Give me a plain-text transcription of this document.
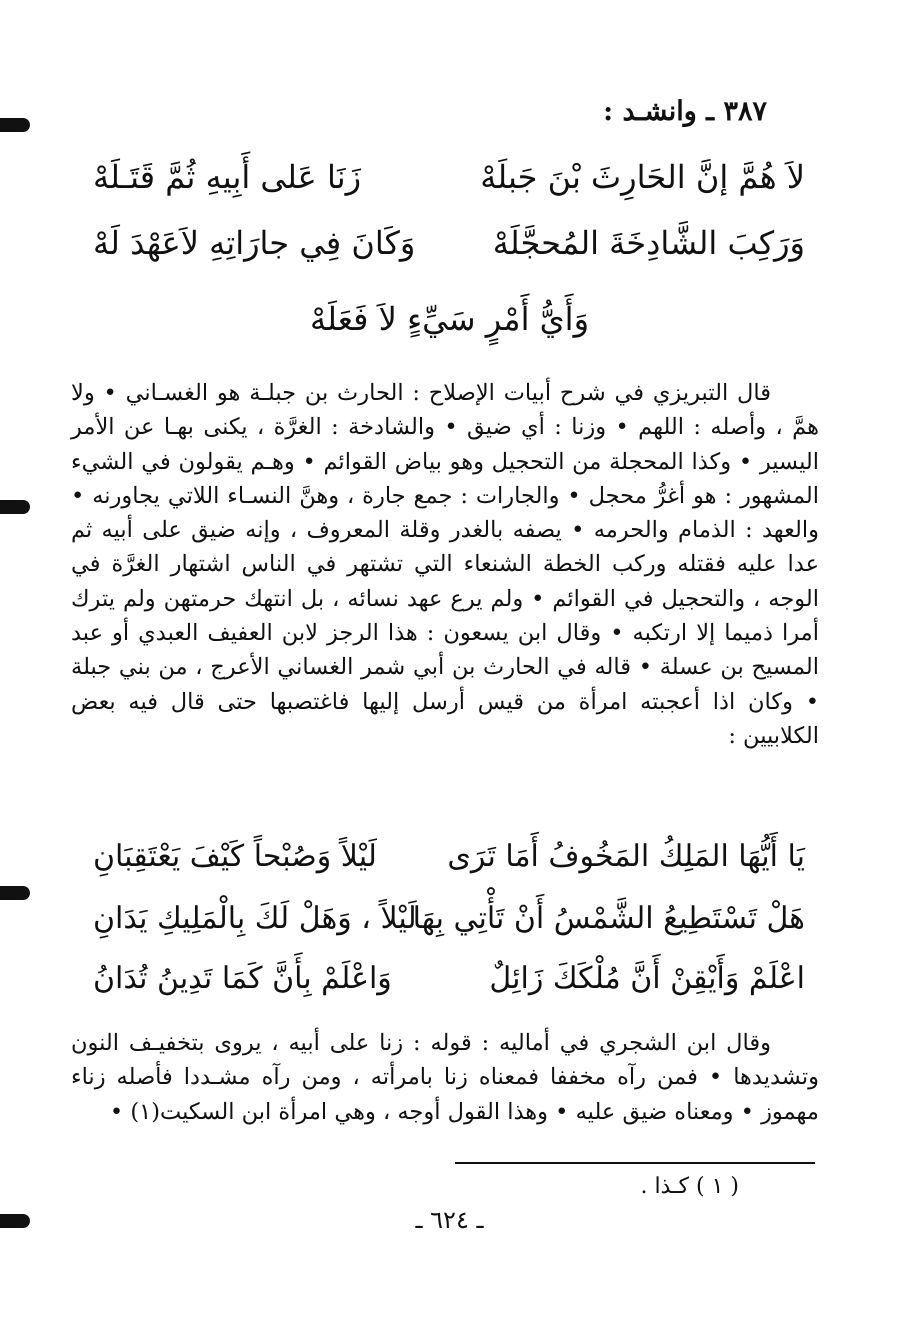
٣٨٧ ـ وانشـد :
لاَ هُمَّ إنَّ الحَارِثَ بْنَ جَبلَهْ
زَنَا عَلى أَبِيهِ ثُمَّ قَتَـلَهْ
وَرَكِبَ الشَّادِخَةَ المُحجَّلَهْ
وَكَانَ فِي جارَاتِهِ لاَعَهْدَ لَهْ
وَأَيُّ أَمْرٍ سَيِّءٍ لاَ فَعَلَهْ

قال التبريزي في شرح أبيات الإصلاح : الحارث بن جبلـة هو الغسـاني • ولا همَّ ، وأصله : اللهم • وزنا : أي ضيق • والشادخة : الغرَّة ، يكنى بهـا عن الأمر اليسير • وكذا المحجلة من التحجيل وهو بياض القوائم • وهـم يقولون في الشيء المشهور : هو أغرُّ محجل • والجارات : جمع جارة ، وهنَّ النسـاء اللاتي يجاورنه • والعهد : الذمام والحرمه • يصفه بالغدر وقلة المعروف ، وإنه ضيق على أبيه ثم عدا عليه فقتله وركب الخطة الشنعاء التي تشتهر في الناس اشتهار الغرَّة في الوجه ، والتحجيل في القوائم • ولم يرع عهد نسائه ، بل انتهك حرمتهن ولم يترك أمرا ذميما إلا ارتكبه • وقال ابن يسعون : هذا الرجز لابن العفيف العبدي أو عبد المسيح بن عسلة • قاله في الحارث بن أبي شمر الغساني الأعرج ، من بني جبلة • وكان اذا أعجبته امرأة من قيس أرسل إليها فاغتصبها حتى قال فيه بعض الكلابيين :

يَا أَيُّهَا المَلِكُ المَخُوفُ أَمَا تَرَى
لَيْلاً وَصُبْحاً كَيْفَ يَعْتَقِبَانِ
هَلْ تَسْتَطِيعُ الشَّمْسُ أَنْ تَأْتِي بِهَا
لَيْلاً ، وَهَلْ لَكَ بِالْمَلِيكِ يَدَانِ
اعْلَمْ وَأَيْقِنْ أَنَّ مُلْكَكَ زَائِلٌ
وَاعْلَمْ بِأَنَّ كَمَا تَدِينُ تُدَانُ

وقال ابن الشجري في أماليه : قوله : زنا على أبيه ، يروى بتخفيـف النون وتشديدها • فمن رآه مخففا فمعناه زنا بامرأته ، ومن رآه مشـددا فأصله زناء مهموز • ومعناه ضيق عليه • وهذا القول أوجه ، وهي امرأة ابن السكيت(١) •

( ١ ) كـذا .
ـ ٦٢٤ ـ
